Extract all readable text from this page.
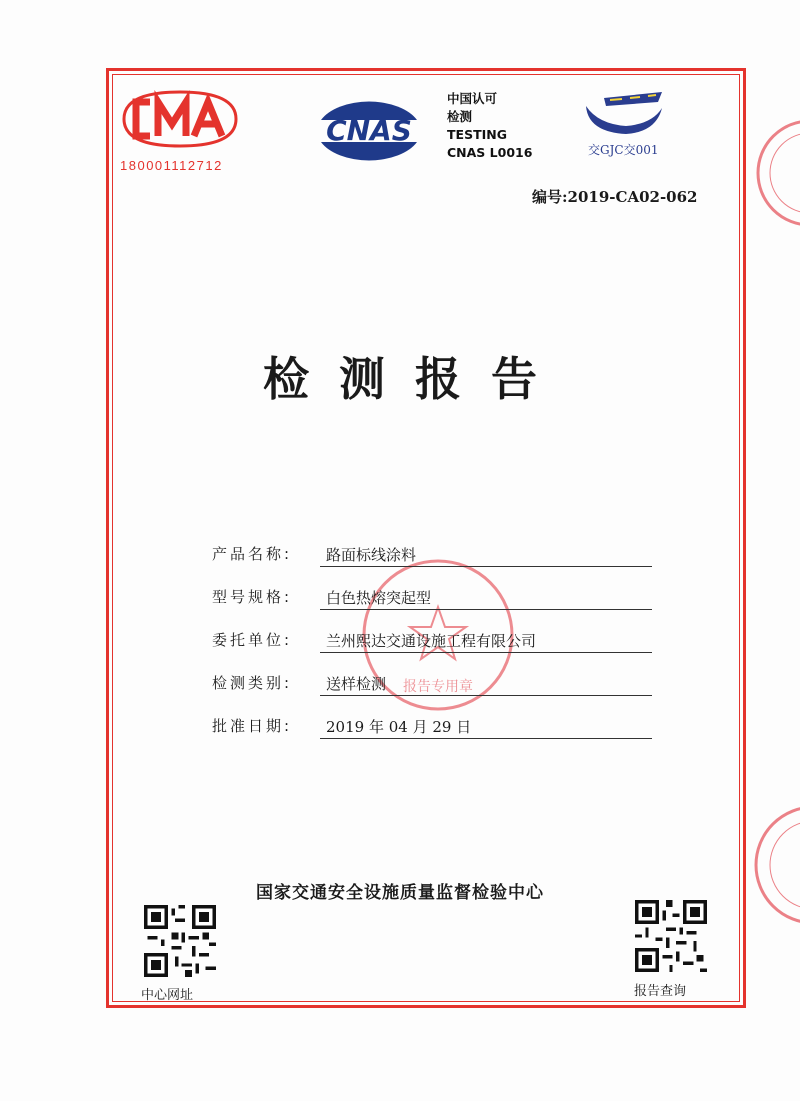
180001112712
CNAS
中国认可
检测
TESTING
CNAS L0016	交GJC交001
编号:2019-CA02-062
检测报告
报告专用章
产品名称: 路面标线涂料
型号规格: 白色热熔突起型
委托单位: 兰州熙达交通设施工程有限公司
检测类别: 送样检测
批准日期: 2019 年 04 月 29 日
国家交通安全设施质量监督检验中心
中心网址	报告查询
